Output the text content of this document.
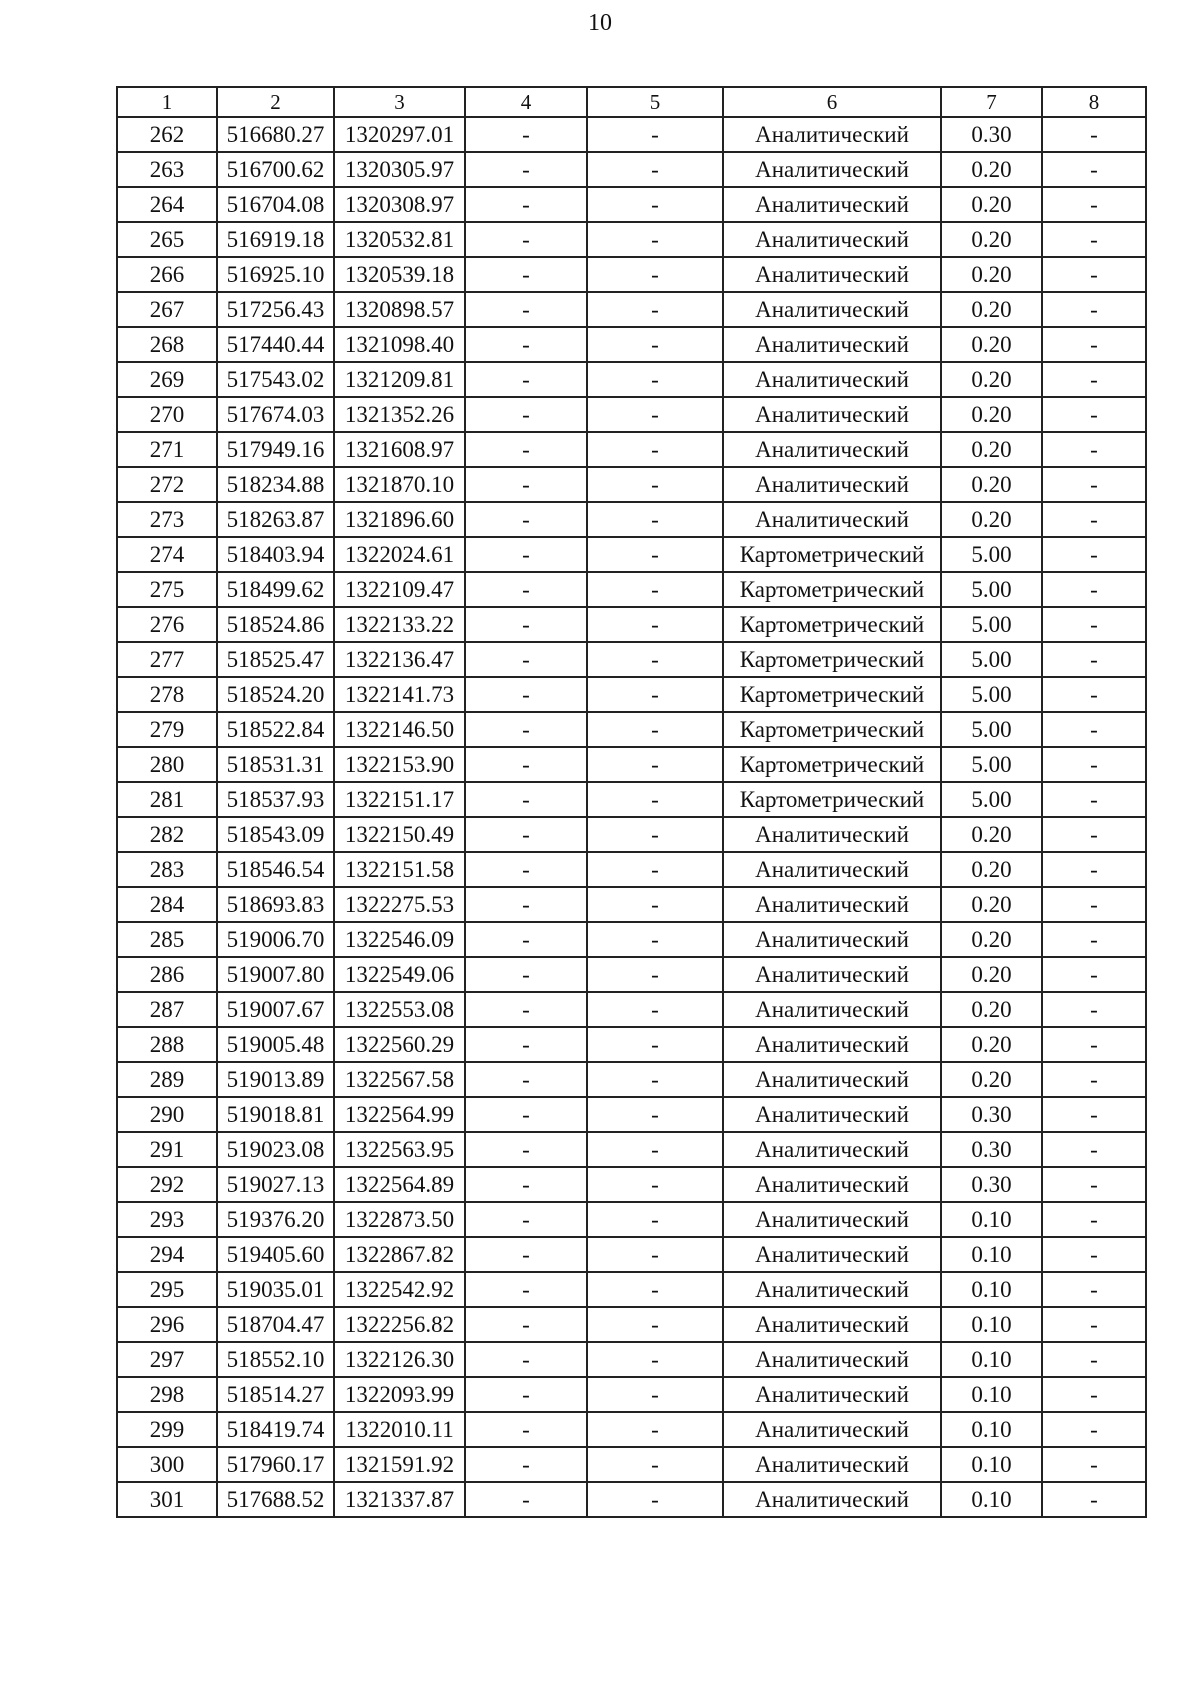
10
1	2	3	4	5	6	7	8
262	516680.27	1320297.01	-	-	Аналитический	0.30	-
263	516700.62	1320305.97	-	-	Аналитический	0.20	-
264	516704.08	1320308.97	-	-	Аналитический	0.20	-
265	516919.18	1320532.81	-	-	Аналитический	0.20	-
266	516925.10	1320539.18	-	-	Аналитический	0.20	-
267	517256.43	1320898.57	-	-	Аналитический	0.20	-
268	517440.44	1321098.40	-	-	Аналитический	0.20	-
269	517543.02	1321209.81	-	-	Аналитический	0.20	-
270	517674.03	1321352.26	-	-	Аналитический	0.20	-
271	517949.16	1321608.97	-	-	Аналитический	0.20	-
272	518234.88	1321870.10	-	-	Аналитический	0.20	-
273	518263.87	1321896.60	-	-	Аналитический	0.20	-
274	518403.94	1322024.61	-	-	Картометрический	5.00	-
275	518499.62	1322109.47	-	-	Картометрический	5.00	-
276	518524.86	1322133.22	-	-	Картометрический	5.00	-
277	518525.47	1322136.47	-	-	Картометрический	5.00	-
278	518524.20	1322141.73	-	-	Картометрический	5.00	-
279	518522.84	1322146.50	-	-	Картометрический	5.00	-
280	518531.31	1322153.90	-	-	Картометрический	5.00	-
281	518537.93	1322151.17	-	-	Картометрический	5.00	-
282	518543.09	1322150.49	-	-	Аналитический	0.20	-
283	518546.54	1322151.58	-	-	Аналитический	0.20	-
284	518693.83	1322275.53	-	-	Аналитический	0.20	-
285	519006.70	1322546.09	-	-	Аналитический	0.20	-
286	519007.80	1322549.06	-	-	Аналитический	0.20	-
287	519007.67	1322553.08	-	-	Аналитический	0.20	-
288	519005.48	1322560.29	-	-	Аналитический	0.20	-
289	519013.89	1322567.58	-	-	Аналитический	0.20	-
290	519018.81	1322564.99	-	-	Аналитический	0.30	-
291	519023.08	1322563.95	-	-	Аналитический	0.30	-
292	519027.13	1322564.89	-	-	Аналитический	0.30	-
293	519376.20	1322873.50	-	-	Аналитический	0.10	-
294	519405.60	1322867.82	-	-	Аналитический	0.10	-
295	519035.01	1322542.92	-	-	Аналитический	0.10	-
296	518704.47	1322256.82	-	-	Аналитический	0.10	-
297	518552.10	1322126.30	-	-	Аналитический	0.10	-
298	518514.27	1322093.99	-	-	Аналитический	0.10	-
299	518419.74	1322010.11	-	-	Аналитический	0.10	-
300	517960.17	1321591.92	-	-	Аналитический	0.10	-
301	517688.52	1321337.87	-	-	Аналитический	0.10	-
